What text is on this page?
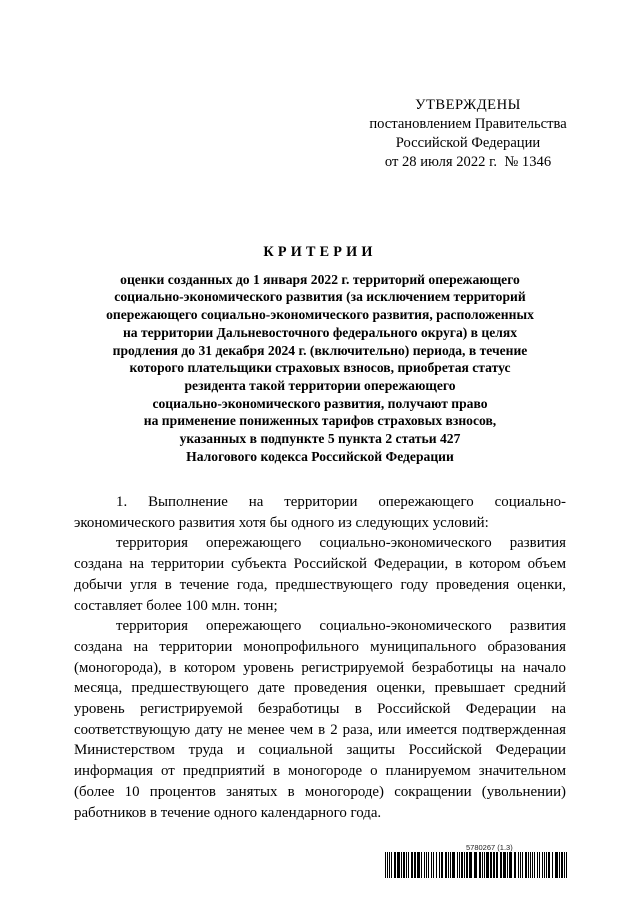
УТВЕРЖДЕНЫ
постановлением Правительства
Российской Федерации
от 28 июля 2022 г.  № 1346
КРИТЕРИИ
оценки созданных до 1 января 2022 г. территорий опережающего
социально-экономического развития (за исключением территорий
опережающего социально-экономического развития, расположенных
на территории Дальневосточного федерального округа) в целях
продления до 31 декабря 2024 г. (включительно) периода, в течение
которого плательщики страховых взносов, приобретая статус
резидента такой территории опережающего
социально-экономического развития, получают право
на применение пониженных тарифов страховых взносов,
указанных в подпункте 5 пункта 2 статьи 427
Налогового кодекса Российской Федерации

1. Выполнение на территории опережающего социально-экономического развития хотя бы одного из следующих условий:

территория опережающего социально-экономического развития создана на территории субъекта Российской Федерации, в котором объем добычи угля в течение года, предшествующего году проведения оценки, составляет более 100 млн. тонн;

территория опережающего социально-экономического развития создана на территории монопрофильного муниципального образования (моногорода), в котором уровень регистрируемой безработицы на начало месяца, предшествующего дате проведения оценки, превышает средний уровень регистрируемой безработицы в Российской Федерации на соответствующую дату не менее чем в 2 раза, или имеется подтвержденная Министерством труда и социальной защиты Российской Федерации информация от предприятий в моногороде о планируемом значительном (более 10 процентов занятых в моногороде) сокращении (увольнении) работников в течение одного календарного года.

5780267 (1.3)
